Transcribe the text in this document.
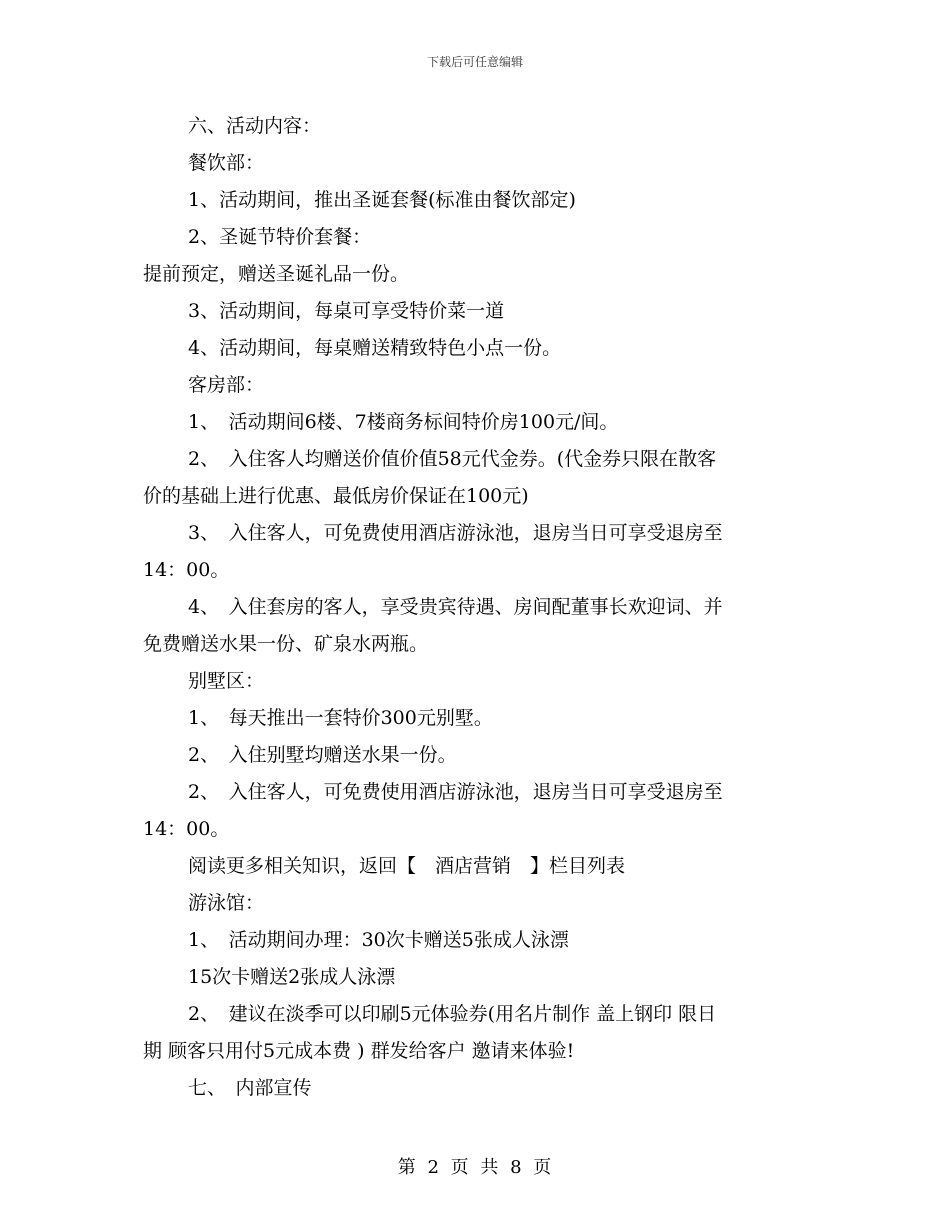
下载后可任意编辑
六、活动内容：
餐饮部：
1、活动期间，推出圣诞套餐(标准由餐饮部定)
2、圣诞节特价套餐：
提前预定，赠送圣诞礼品一份。
3、活动期间，每桌可享受特价菜一道
4、活动期间，每桌赠送精致特色小点一份。
客房部：
1、　活动期间6楼、7楼商务标间特价房100元/间。
2、　入住客人均赠送价值价值58元代金券。(代金券只限在散客
价的基础上进行优惠、最低房价保证在100元)
3、　入住客人，可免费使用酒店游泳池，退房当日可享受退房至
14：00。
4、　入住套房的客人，享受贵宾待遇、房间配董事长欢迎词、并
免费赠送水果一份、矿泉水两瓶。
别墅区：
1、　每天推出一套特价300元别墅。
2、　入住别墅均赠送水果一份。
2、　入住客人，可免费使用酒店游泳池，退房当日可享受退房至
14：00。
阅读更多相关知识，返回【　酒店营销　】栏目列表
游泳馆：
1、　活动期间办理：30次卡赠送5张成人泳漂
15次卡赠送2张成人泳漂
2、　建议在淡季可以印刷5元体验券(用名片制作 盖上钢印 限日
期 顾客只用付5元成本费 ) 群发给客户 邀请来体验!
七、　内部宣传
第 2 页 共 8 页
